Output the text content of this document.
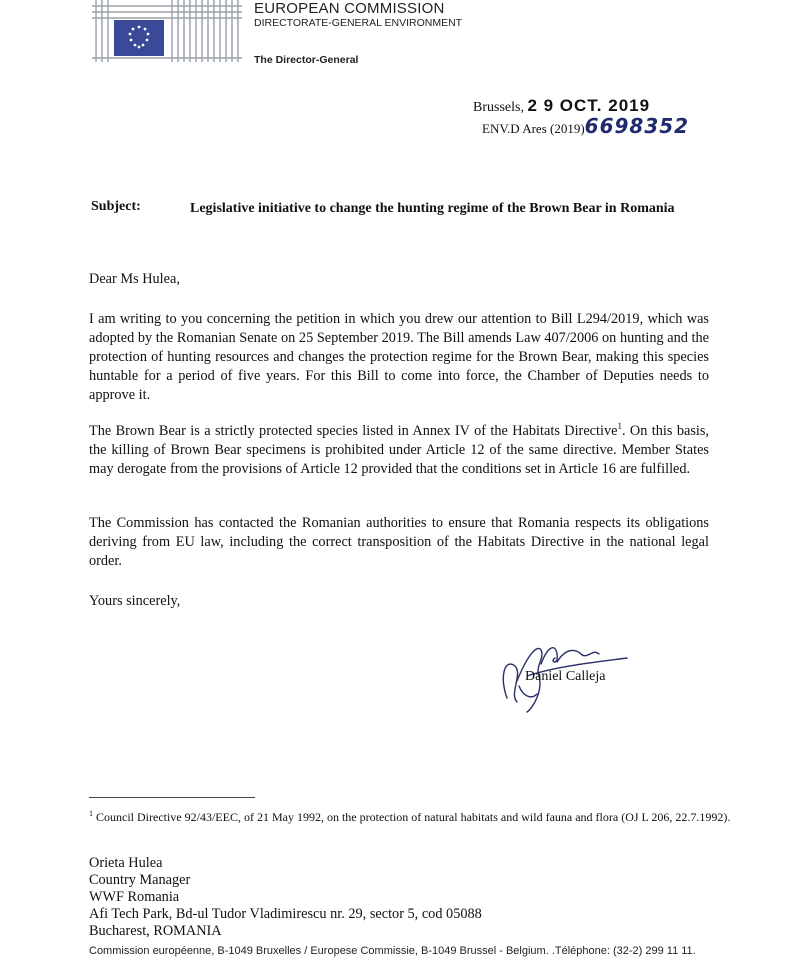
EUROPEAN COMMISSION
DIRECTORATE-GENERAL ENVIRONMENT
The Director-General
Brussels, 2 9 OCT. 2019
ENV.D Ares (2019)6698352
Subject:	Legislative initiative to change the hunting regime of the Brown Bear in Romania
Dear Ms Hulea,
I am writing to you concerning the petition in which you drew our attention to Bill L294/2019, which was adopted by the Romanian Senate on 25 September 2019. The Bill amends Law 407/2006 on hunting and the protection of hunting resources and changes the protection regime for the Brown Bear, making this species huntable for a period of five years. For this Bill to come into force, the Chamber of Deputies needs to approve it.
The Brown Bear is a strictly protected species listed in Annex IV of the Habitats Directive$^1$. On this basis, the killing of Brown Bear specimens is prohibited under Article 12 of the same directive. Member States may derogate from the provisions of Article 12 provided that the conditions set in Article 16 are fulfilled.
The Commission has contacted the Romanian authorities to ensure that Romania respects its obligations deriving from EU law, including the correct transposition of the Habitats Directive in the national legal order.
Yours sincerely,
Daniel Calleja
$^1$ Council Directive 92/43/EEC, of 21 May 1992, on the protection of natural habitats and wild fauna and flora (OJ L 206, 22.7.1992).
Orieta Hulea
Country Manager
WWF Romania
Afi Tech Park, Bd-ul Tudor Vladimirescu nr. 29, sector 5, cod 05088
Bucharest, ROMANIA
Commission européenne, B-1049 Bruxelles / Europese Commissie, B-1049 Brussel - Belgium. .Téléphone: (32-2) 299 11 11.
